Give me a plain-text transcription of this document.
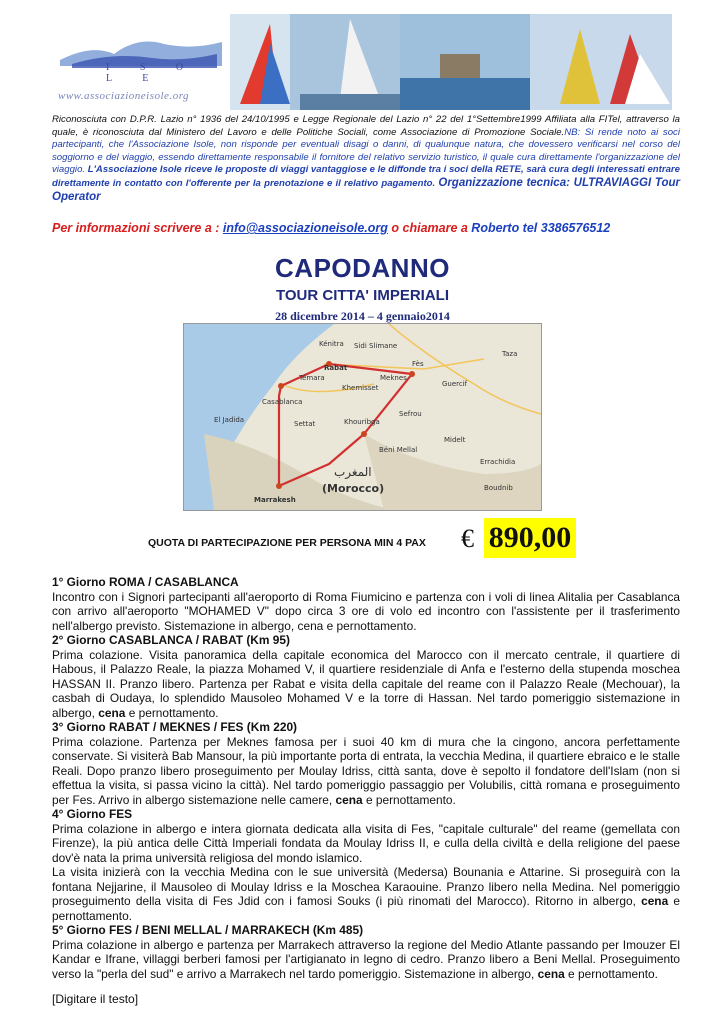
I S O L E
www.associazioneisole.org
Riconosciuta con D.P.R. Lazio n° 1936 del 24/10/1995 e Legge Regionale del Lazio n° 22 del 1°Settembre1999 Affiliata alla FITel, attraverso la quale, è riconosciuta dal Ministero del Lavoro e delle Politiche Sociali, come Associazione di Promozione Sociale.NB: Si rende noto ai soci partecipanti, che l'Associazione Isole, non risponde per eventuali disagi o danni, di qualunque natura, che dovessero verificarsi nel corso del soggiorno e del viaggio, essendo direttamente responsabile il fornitore del relativo servizio turistico, il quale cura direttamente l'organizzazione del viaggio. L'Associazione Isole riceve le proposte di viaggi vantaggiose e le diffonde tra i soci della RETE, sarà cura degli interessati entrare direttamente in contatto con l'offerente per la prenotazione e il relativo pagamento. Organizzazione tecnica: ULTRAVIAGGI Tour Operator
Per informazioni scrivere a : info@associazioneisole.org o chiamare a Roberto tel 3386576512
CAPODANNO
TOUR CITTA' IMPERIALI
28 dicembre 2014 – 4 gennaio2014
Kénitra Sidi Slimane
Rabat
Témara	Meknes
Fès
Taza
Khemisset
Casablanca
El Jadida	Settat	Khouribga
Sefrou
Guercif
Midelt
Béni Mellal
Errachidia
Boudnib
Marrakesh
(Morocco)
المغرب
QUOTA DI PARTECIPAZIONE PER PERSONA MIN 4 PAX € 890,00

1° Giorno ROMA / CASABLANCA

Incontro con i Signori partecipanti all'aeroporto di Roma Fiumicino e partenza con i voli di linea Alitalia per Casablanca con arrivo all'aeroporto "MOHAMED V" dopo circa 3 ore di volo ed incontro con l'assistente per il trasferimento nell'albergo previsto. Sistemazione in albergo, cena e pernottamento.

2° Giorno CASABLANCA / RABAT (Km 95)

Prima colazione. Visita panoramica della capitale economica del Marocco con il mercato centrale, il quartiere di Habous, il Palazzo Reale, la piazza Mohamed V, il quartiere residenziale di Anfa e l'esterno della stupenda moschea HASSAN II. Pranzo libero. Partenza per Rabat e visita della capitale del reame con il Palazzo Reale (Mechouar), la casbah di Oudaya, lo splendido Mausoleo Mohamed V e la torre di Hassan. Nel tardo pomeriggio sistemazione in albergo, cena e pernottamento.

3° Giorno RABAT / MEKNES / FES (Km 220)

Prima colazione. Partenza per Meknes famosa per i suoi 40 km di mura che la cingono, ancora perfettamente conservate. Si visiterà Bab Mansour, la più importante porta di entrata, la vecchia Medina, il quartiere ebraico e le stalle Reali. Dopo pranzo libero proseguimento per Moulay Idriss, città santa, dove è sepolto il fondatore dell'Islam (non si effettua la visita, si passa vicino la città). Nel tardo pomeriggio passaggio per Volubilis, città romana e proseguimento per Fes. Arrivo in albergo sistemazione nelle camere, cena e pernottamento.

4° Giorno FES

Prima colazione in albergo e intera giornata dedicata alla visita di Fes, "capitale culturale" del reame (gemellata con Firenze), la più antica delle Città Imperiali fondata da Moulay Idriss II, e culla della civiltà e della religione del paese dov'è nata la prima università religiosa del mondo islamico.

La visita inizierà con la vecchia Medina con le sue università (Medersa) Bounania e Attarine. Si proseguirà con la fontana Nejjarine, il Mausoleo di Moulay Idriss e la Moschea Karaouine. Pranzo libero nella Medina. Nel pomeriggio proseguimento della visita di Fes Jdid con i famosi Souks (i più rinomati del Marocco). Ritorno in albergo, cena e pernottamento.

5° Giorno FES / BENI MELLAL / MARRAKECH (Km 485)

Prima colazione in albergo e partenza per Marrakech attraverso la regione del Medio Atlante passando per Imouzer El Kandar e Ifrane, villaggi berberi famosi per l'artigianato in legno di cedro. Pranzo libero a Beni Mellal. Proseguimento verso la "perla del sud" e arrivo a Marrakech nel tardo pomeriggio. Sistemazione in albergo, cena e pernottamento.

[Digitare il testo]
